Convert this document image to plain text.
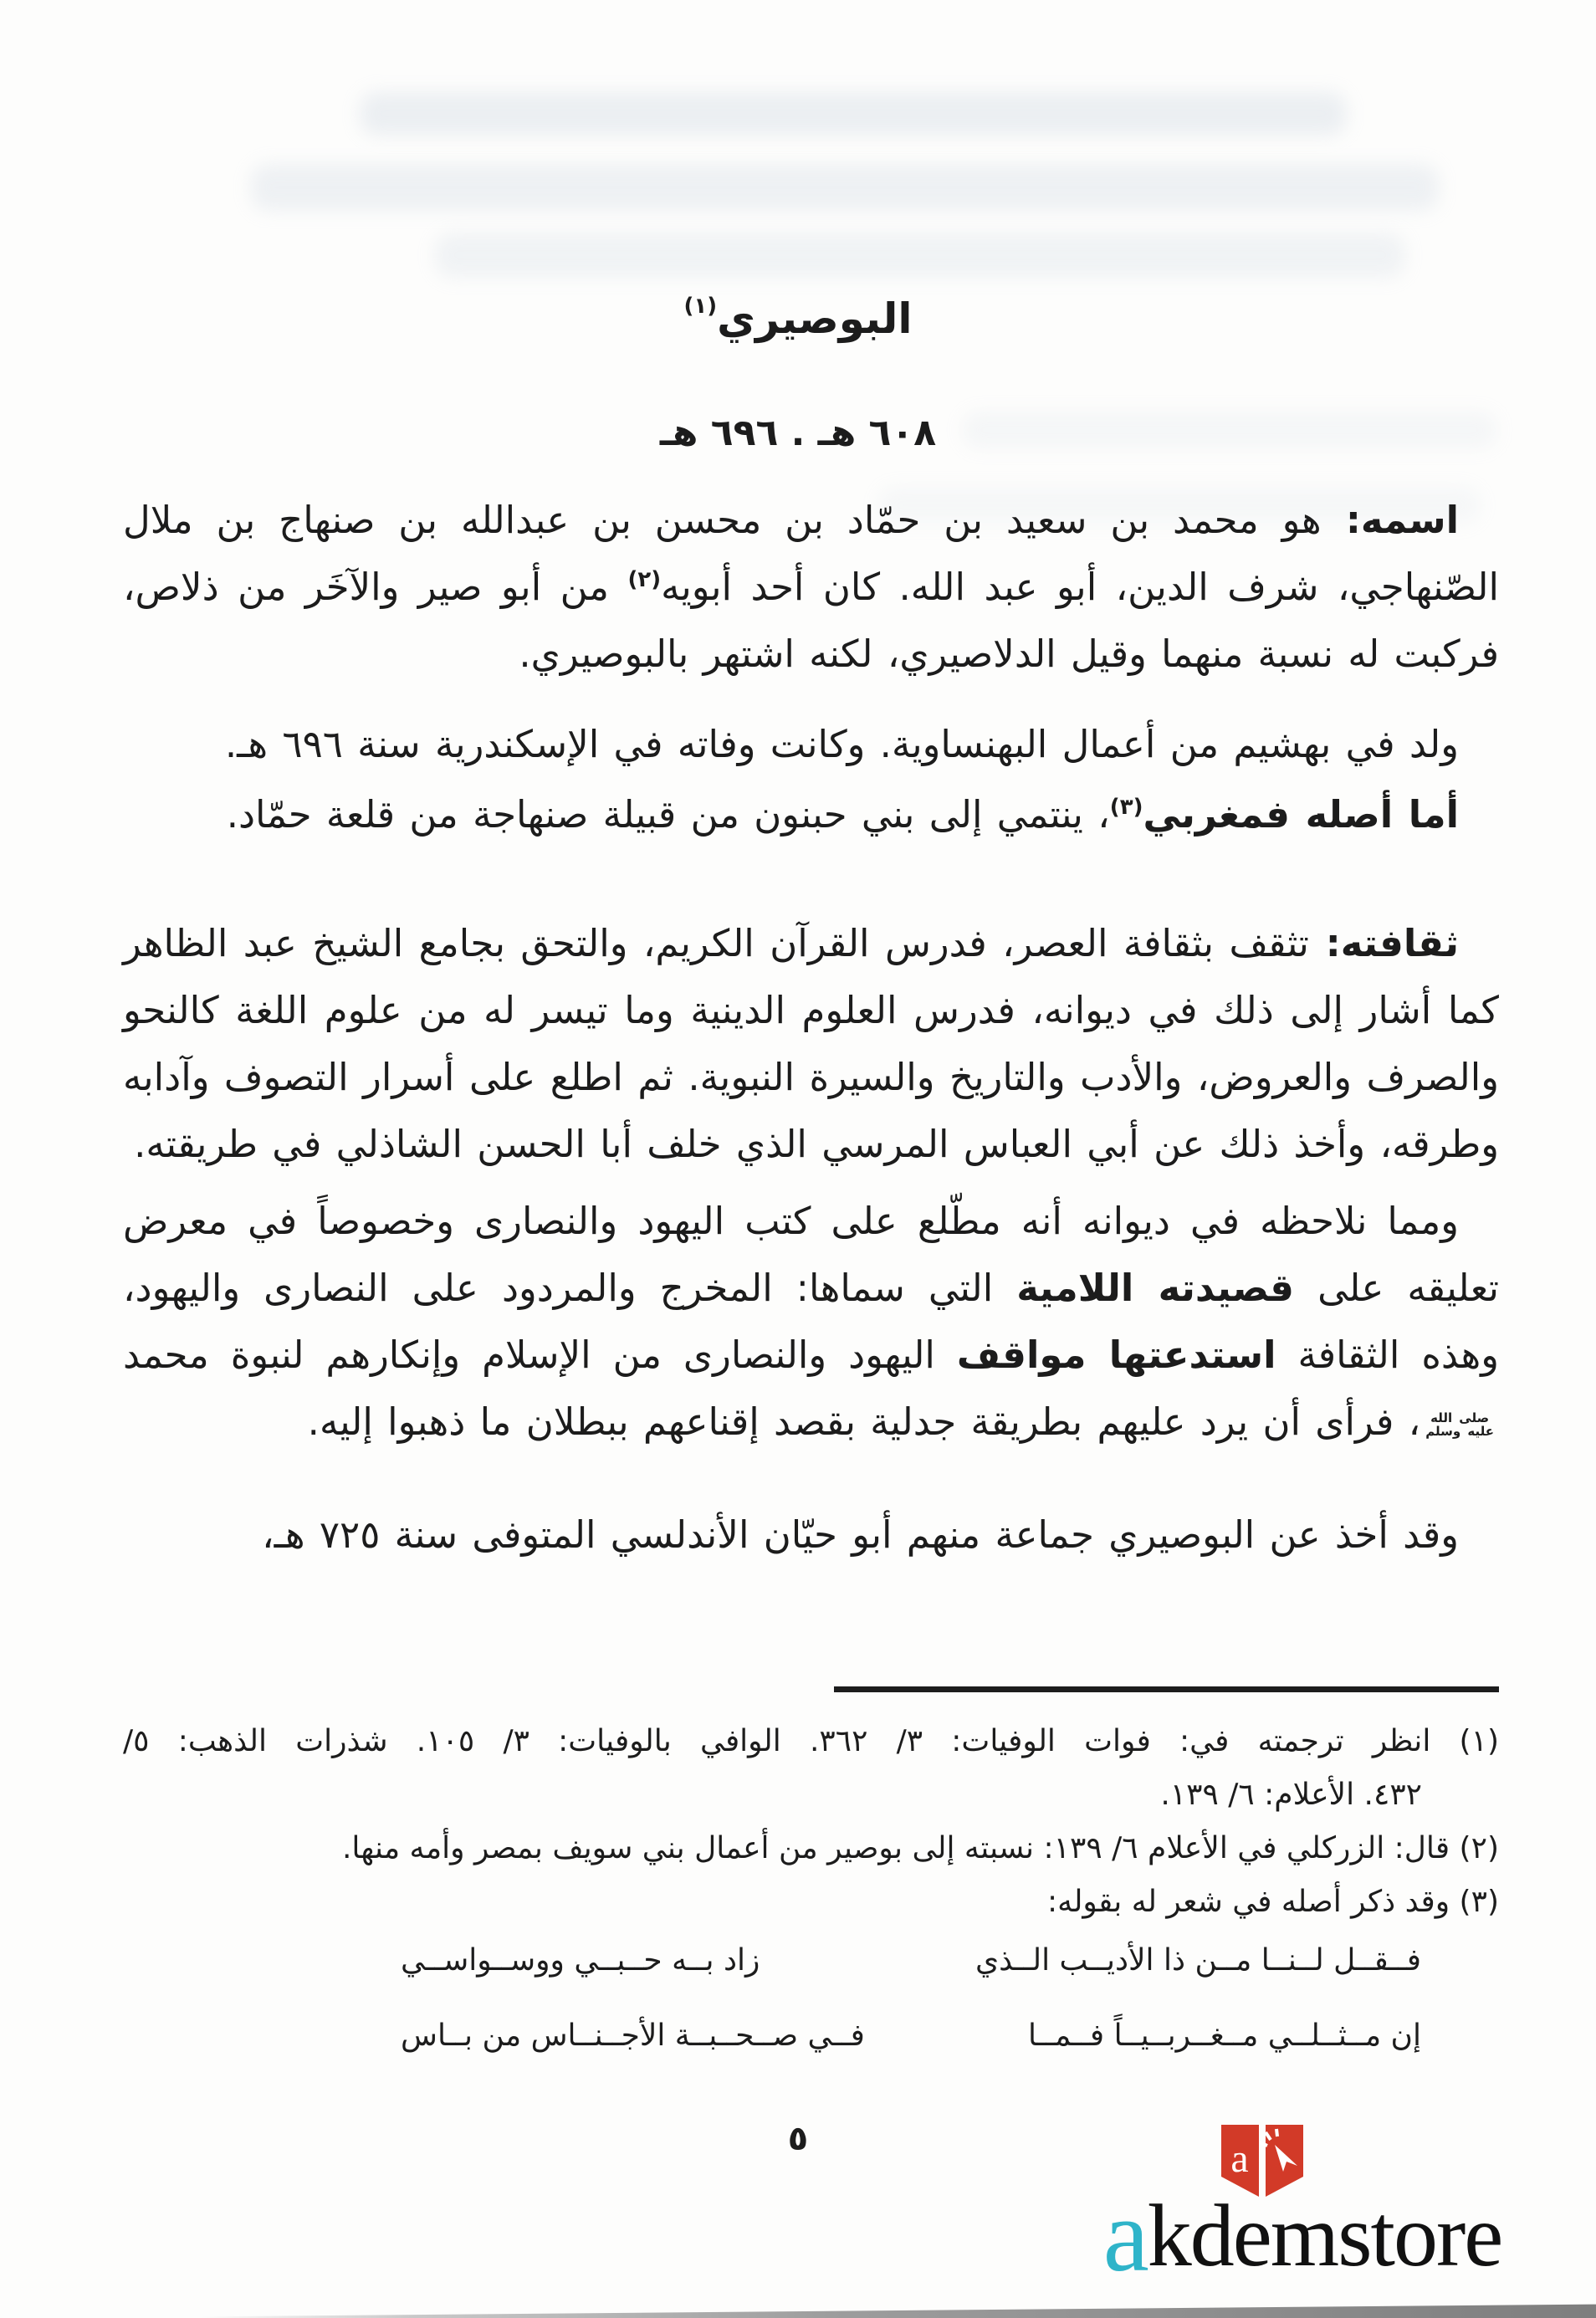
البوصيري$^{(١)}$
٦٠٨ هـ . ٦٩٦ هـ
اسمه: هو محمد بن سعيد بن حمّاد بن محسن بن عبدالله بن صنهاج بن ملال الصّنهاجي، شرف الدين، أبو عبد الله. كان أحد أبويه$^{(٢)}$ من أبو صير والآخَر من ذلاص، فركبت له نسبة منهما وقيل الدلاصيري، لكنه اشتهر بالبوصيري.
ولد في بهشيم من أعمال البهنساوية. وكانت وفاته في الإسكندرية سنة ٦٩٦ هـ.
أما أصله فمغربي$^{(٣)}$، ينتمي إلى بني حبنون من قبيلة صنهاجة من قلعة حمّاد.
ثقافته: تثقف بثقافة العصر، فدرس القرآن الكريم، والتحق بجامع الشيخ عبد الظاهر كما أشار إلى ذلك في ديوانه، فدرس العلوم الدينية وما تيسر له من علوم اللغة كالنحو والصرف والعروض، والأدب والتاريخ والسيرة النبوية. ثم اطلع على أسرار التصوف وآدابه وطرقه، وأخذ ذلك عن أبي العباس المرسي الذي خلف أبا الحسن الشاذلي في طريقته.
ومما نلاحظه في ديوانه أنه مطّلع على كتب اليهود والنصارى وخصوصاً في معرض تعليقه على قصيدته اللامية التي سماها: المخرج والمردود على النصارى واليهود، وهذه الثقافة استدعتها مواقف اليهود والنصارى من الإسلام وإنكارهم لنبوة محمد
صلى الله
عليه وسلم
، فرأى أن يرد عليهم بطريقة جدلية بقصد إقناعهم ببطلان ما ذهبوا إليه.
وقد أخذ عن البوصيري جماعة منهم أبو حيّان الأندلسي المتوفى سنة ٧٢٥ هـ،
(١) انظر ترجمته في: فوات الوفيات: ٣/ ٣٦٢. الوافي بالوفيات: ٣/ ١٠٥. شذرات الذهب: ٥/
٤٣٢. الأعلام: ٦/ ١٣٩.
(٢) قال: الزركلي في الأعلام ٦/ ١٣٩: نسبته إلى بوصير من أعمال بني سويف بمصر وأمه منها.
(٣) وقد ذكر أصله في شعر له بقوله:
فــقــل لــنــا مــن ذا الأديــب الــذي
زاد بــه حــبــي ووســواســي
إن مــثــلــي مــغــربــيــاً فــمــا
فــي صــحــبــة الأجــنــاس من بــاس
٥	a
akdemstore
